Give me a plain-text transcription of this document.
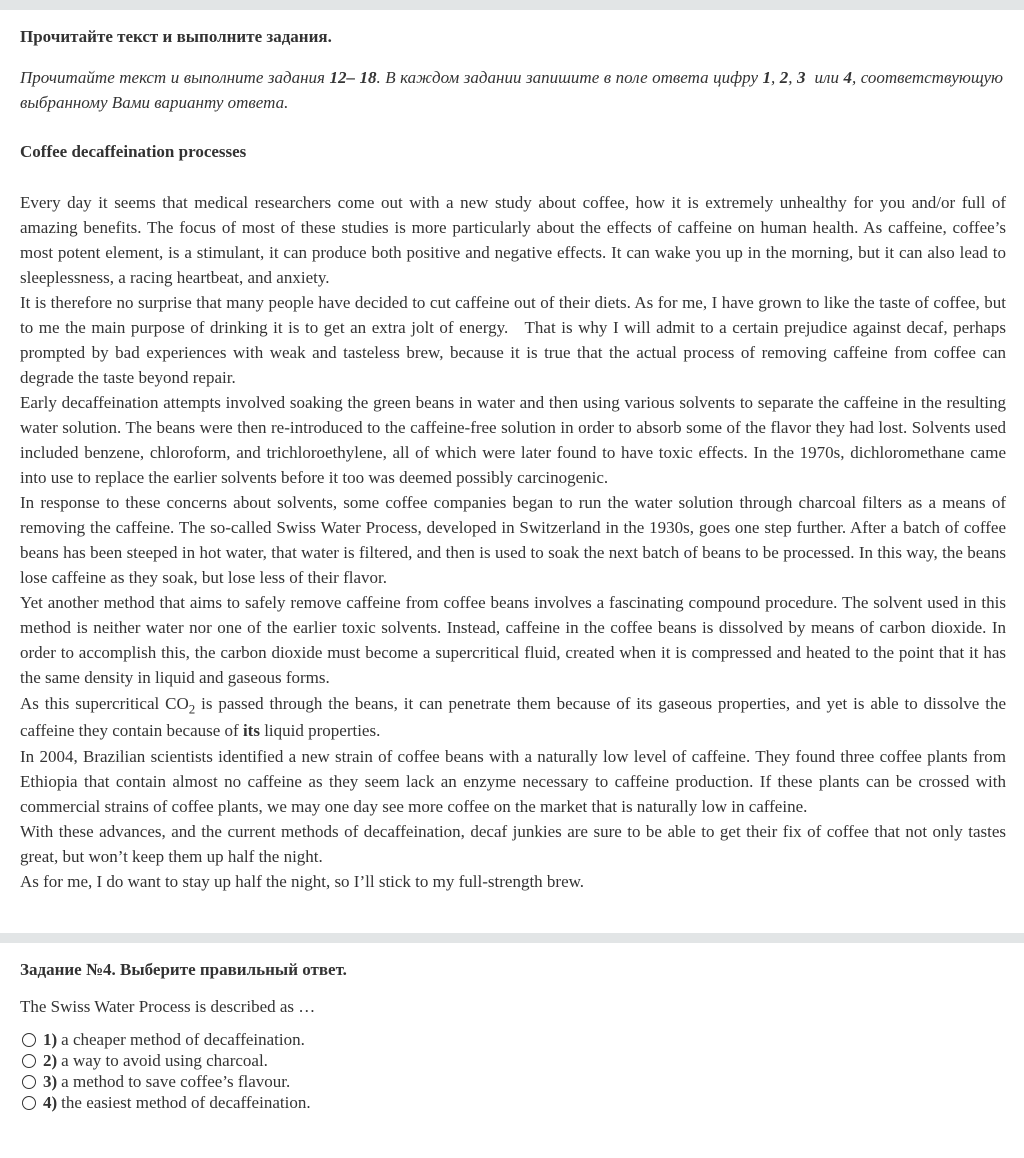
Прочитайте текст и выполните задания.

Прочитайте текст и выполните задания 12– 18. В каждом задании запишите в поле ответа цифру 1, 2, 3  или 4, соответствующую выбранному Вами варианту ответа.

Coffee decaffeination processes

Every day it seems that medical researchers come out with a new study about coffee, how it is extremely unhealthy for you and/or full of amazing benefits. The focus of most of these studies is more particularly about the effects of caffeine on human health. As caffeine, coffee’s most potent element, is a stimulant, it can produce both positive and negative effects. It can wake you up in the morning, but it can also lead to sleeplessness, a racing heartbeat, and anxiety.

It is therefore no surprise that many people have decided to cut caffeine out of their diets. As for me, I have grown to like the taste of coffee, but to me the main purpose of drinking it is to get an extra jolt of energy.   That is why I will admit to a certain prejudice against decaf, perhaps prompted by bad experiences with weak and tasteless brew, because it is true that the actual process of removing caffeine from coffee can degrade the taste beyond repair.

Early decaffeination attempts involved soaking the green beans in water and then using various solvents to separate the caffeine in the resulting water solution. The beans were then re-introduced to the caffeine-free solution in order to absorb some of the flavor they had lost. Solvents used included benzene, chloroform, and trichloroethylene, all of which were later found to have toxic effects. In the 1970s, dichloromethane came into use to replace the earlier solvents before it too was deemed possibly carcinogenic.

In response to these concerns about solvents, some coffee companies began to run the water solution through charcoal filters as a means of removing the caffeine. The so-called Swiss Water Process, developed in Switzerland in the 1930s, goes one step further. After a batch of coffee beans has been steeped in hot water, that water is filtered, and then is used to soak the next batch of beans to be processed. In this way, the beans lose caffeine as they soak, but lose less of their flavor.

Yet another method that aims to safely remove caffeine from coffee beans involves a fascinating compound procedure. The solvent used in this method is neither water nor one of the earlier toxic solvents. Instead, caffeine in the coffee beans is dissolved by means of carbon dioxide. In order to accomplish this, the carbon dioxide must become a supercritical fluid, created when it is compressed and heated to the point that it has the same density in liquid and gaseous forms.

As this supercritical $CO_2$ is passed through the beans, it can penetrate them because of its gaseous properties, and yet is able to dissolve the caffeine they contain because of its liquid properties.

In 2004, Brazilian scientists identified a new strain of coffee beans with a naturally low level of caffeine. They found three coffee plants from Ethiopia that contain almost no caffeine as they seem lack an enzyme necessary to caffeine production. If these plants can be crossed with commercial strains of coffee plants, we may one day see more coffee on the market that is naturally low in caffeine.

With these advances, and the current methods of decaffeination, decaf junkies are sure to be able to get their fix of coffee that not only tastes great, but won’t keep them up half the night.

As for me, I do want to stay up half the night, so I’ll stick to my full-strength brew.

Задание №4. Выберите правильный ответ.

The Swiss Water Process is described as …

1) a cheaper method of decaffeination.
2) a way to avoid using charcoal.
3) a method to save coffee’s flavour.
4) the easiest method of decaffeination.
